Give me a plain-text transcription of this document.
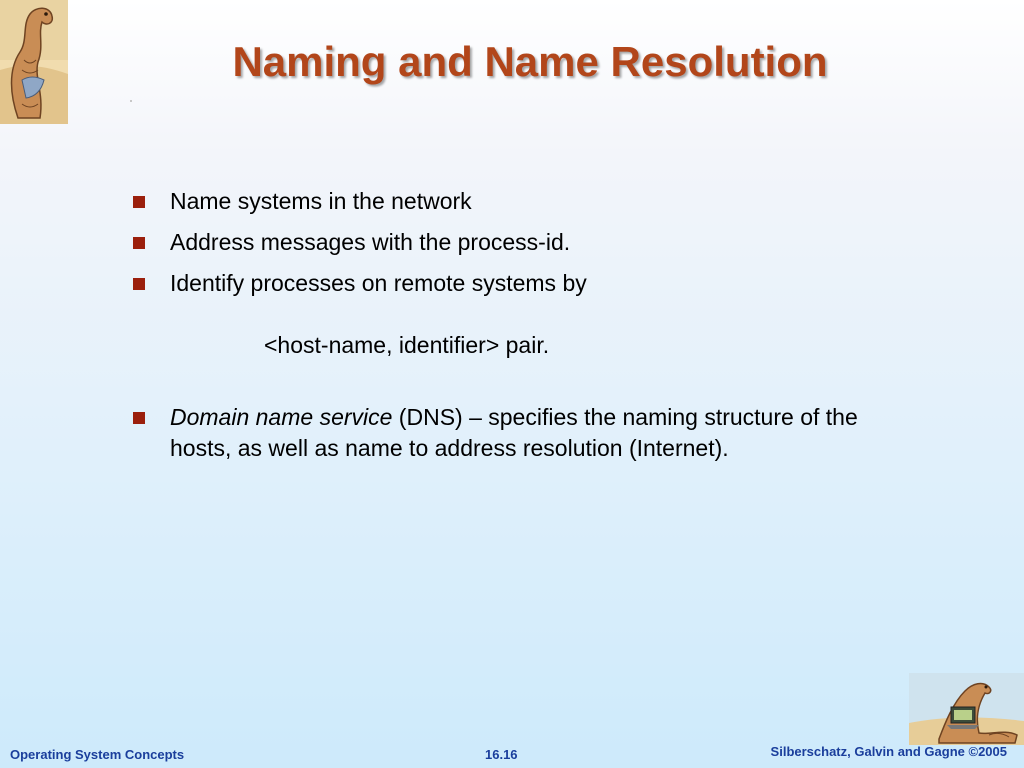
Naming and Name Resolution
Name systems in the network
Address messages with the process-id.
Identify processes on remote systems by
<host-name, identifier> pair.
Domain name service (DNS) – specifies the naming structure of the hosts, as well as name to address resolution (Internet).
Operating System Concepts	16.16	Silberschatz, Galvin and Gagne ©2005
